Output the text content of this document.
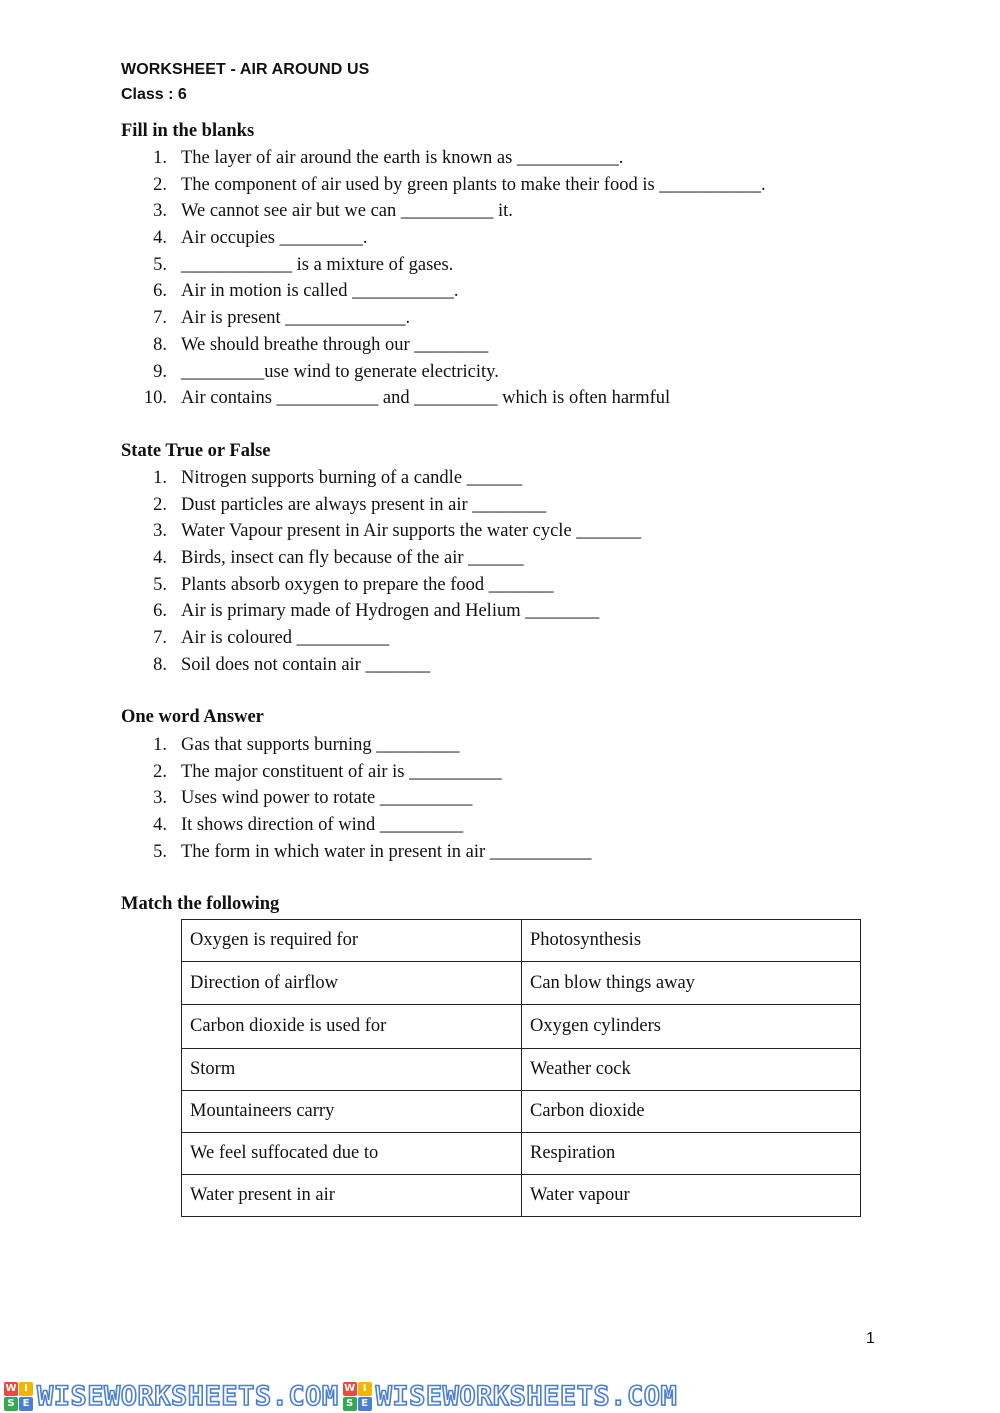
WORKSHEET - AIR AROUND US
Class : 6
Fill in the blanks
1. The layer of air around the earth is known as ___________.
2. The component of air used by green plants to make their food is ___________.
3. We cannot see air but we can __________ it.
4. Air occupies _________.
5. ____________ is a mixture of gases.
6. Air in motion is called ___________.
7. Air is present _____________.
8. We should breathe through our ________
9. _________use wind to generate electricity.
10. Air contains ___________ and _________ which is often harmful
State True or False
1. Nitrogen supports burning of a candle ______
2. Dust particles are always present in air ________
3. Water Vapour present in Air supports the water cycle _______
4. Birds, insect can fly because of the air ______
5. Plants absorb oxygen to prepare the food _______
6. Air is primary made of Hydrogen and Helium ________
7. Air is coloured __________
8. Soil does not contain air _______
One word Answer
1. Gas that supports burning _________
2. The major constituent of air is __________
3. Uses wind power to rotate __________
4. It shows direction of wind _________
5. The form in which water in present in air ___________
Match the following
Oxygen is required for	Photosynthesis
Direction of airflow	Can blow things away
Carbon dioxide is used for	Oxygen cylinders
Storm	Weather cock
Mountaineers carry	Carbon dioxide
We feel suffocated due to	Respiration
Water present in air	Water vapour
1
W I
S E WISEWORKSHEETS.COM W I
S E WISEWORKSHEETS.COM
